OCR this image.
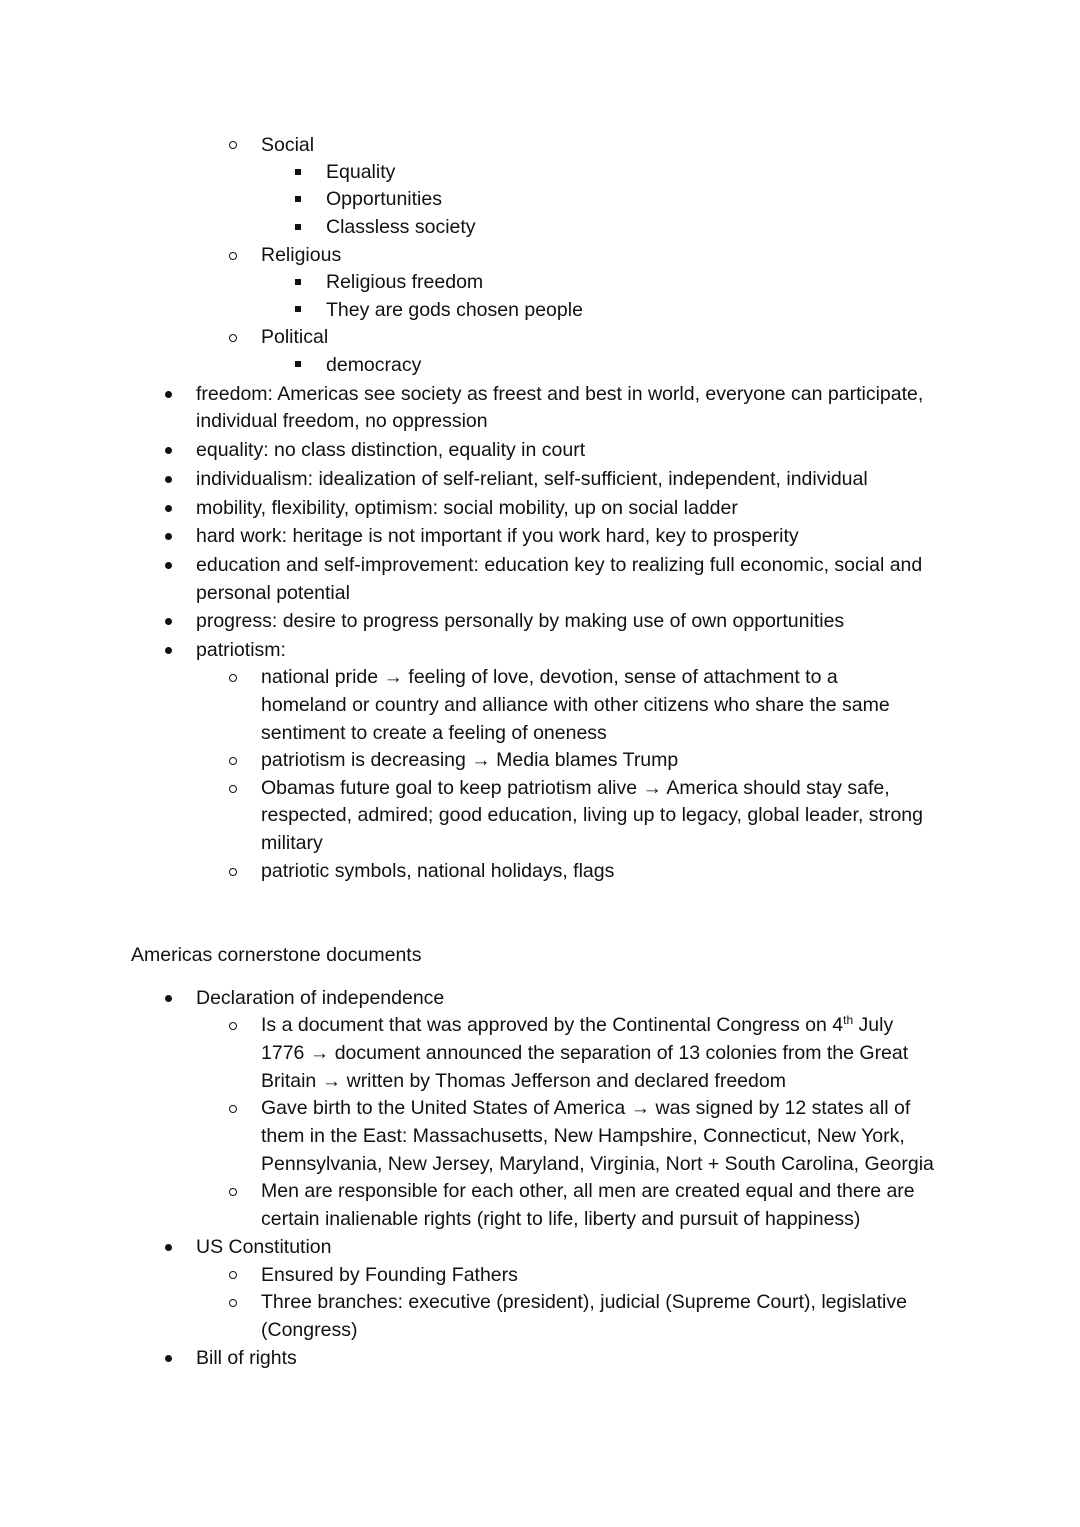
Social
Equality
Opportunities
Classless society
Religious
Religious freedom
They are gods chosen people
Political
democracy
freedom: Americas see society as freest and best in world, everyone can participate,
individual freedom, no oppression
equality: no class distinction, equality in court
individualism: idealization of self-reliant, self-sufficient, independent, individual
mobility, flexibility, optimism: social mobility, up on social ladder
hard work: heritage is not important if you work hard, key to prosperity
education and self-improvement: education key to realizing full economic, social and
personal potential
progress: desire to progress personally by making use of own opportunities
patriotism:
national pride → feeling of love, devotion, sense of attachment to a
homeland or country and alliance with other citizens who share the same
sentiment to create a feeling of oneness
patriotism is decreasing → Media blames Trump
Obamas future goal to keep patriotism alive → America should stay safe,
respected, admired; good education, living up to legacy, global leader, strong
military
patriotic symbols, national holidays, flags
Americas cornerstone documents
Declaration of independence
Is a document that was approved by the Continental Congress on 4th July
1776 → document announced the separation of 13 colonies from the Great
Britain → written by Thomas Jefferson and declared freedom
Gave birth to the United States of America → was signed by 12 states all of
them in the East: Massachusetts, New Hampshire, Connecticut, New York,
Pennsylvania, New Jersey, Maryland, Virginia, Nort + South Carolina, Georgia
Men are responsible for each other, all men are created equal and there are
certain inalienable rights (right to life, liberty and pursuit of happiness)
US Constitution
Ensured by Founding Fathers
Three branches: executive (president), judicial (Supreme Court), legislative
(Congress)
Bill of rights
